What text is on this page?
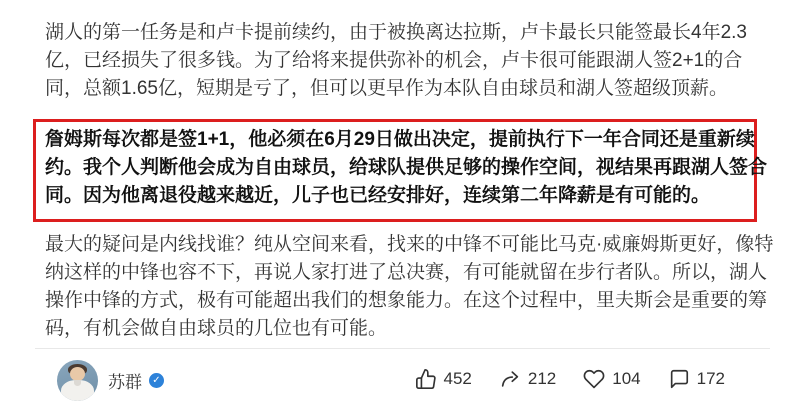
湖人的第一任务是和卢卡提前续约，由于被换离达拉斯，卢卡最长只能签最长4年2.3
亿，已经损失了很多钱。为了给将来提供弥补的机会，卢卡很可能跟湖人签2+1的合
同，总额1.65亿，短期是亏了，但可以更早作为本队自由球员和湖人签超级顶薪。
詹姆斯每次都是签1+1，他必须在6月29日做出决定，提前执行下一年合同还是重新续
约。我个人判断他会成为自由球员，给球队提供足够的操作空间，视结果再跟湖人签合
同。因为他离退役越来越近，儿子也已经安排好，连续第二年降薪是有可能的。
最大的疑问是内线找谁？纯从空间来看，找来的中锋不可能比马克·威廉姆斯更好，像特
纳这样的中锋也容不下，再说人家打进了总决赛，有可能就留在步行者队。所以，湖人
操作中锋的方式，极有可能超出我们的想象能力。在这个过程中，里夫斯会是重要的筹
码，有机会做自由球员的几位也有可能。
苏群	✓	452	212	104	172
